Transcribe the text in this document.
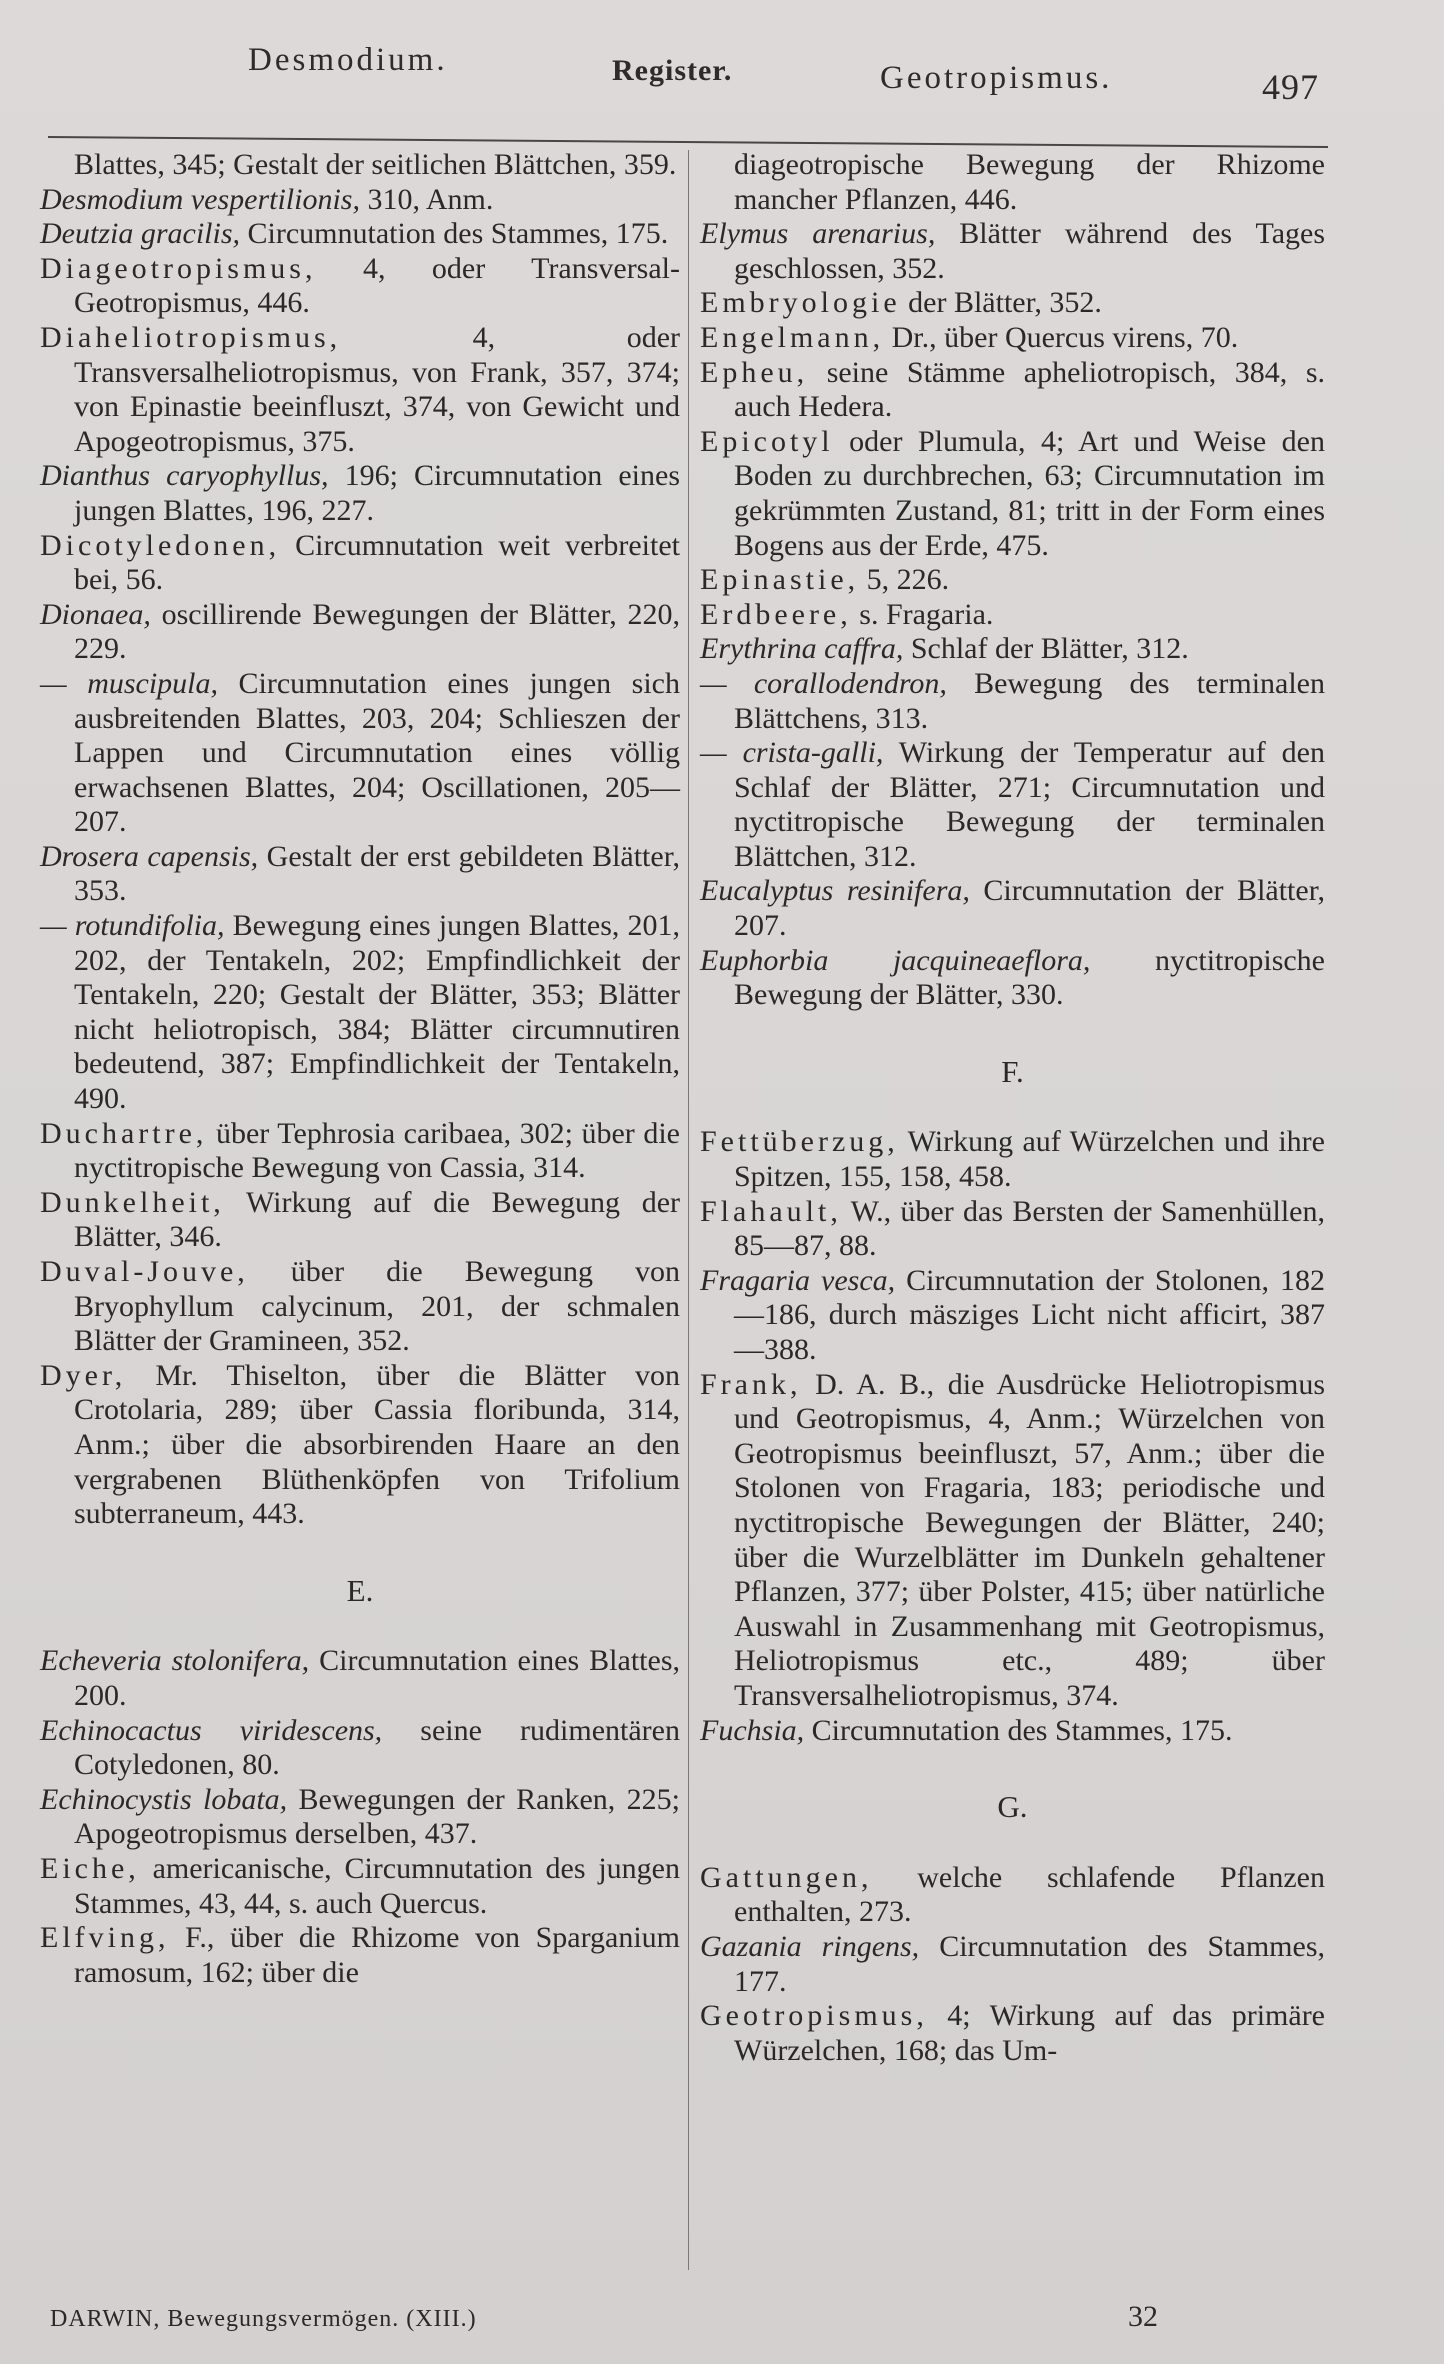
Desmodium.	Register.	Geotropismus.	497

Blattes, 345; Gestalt der seitlichen Blättchen, 359.

Desmodium vespertilionis, 310, Anm.

Deutzia gracilis, Circumnutation des Stammes, 175.

Diageotropismus, 4, oder Transversal-Geotropismus, 446.

Diaheliotropismus, 4, oder Transversalheliotropismus, von Frank, 357, 374; von Epinastie beeinfluszt, 374, von Gewicht und Apogeotropismus, 375.

Dianthus caryophyllus, 196; Circumnutation eines jungen Blattes, 196, 227.

Dicotyledonen, Circumnutation weit verbreitet bei, 56.

Dionaea, oscillirende Bewegungen der Blätter, 220, 229.

— muscipula, Circumnutation eines jungen sich ausbreitenden Blattes, 203, 204; Schlieszen der Lappen und Circumnutation eines völlig erwachsenen Blattes, 204; Oscillationen, 205—207.

Drosera capensis, Gestalt der erst gebildeten Blätter, 353.

— rotundifolia, Bewegung eines jungen Blattes, 201, 202, der Tentakeln, 202; Empfindlichkeit der Tentakeln, 220; Gestalt der Blätter, 353; Blätter nicht heliotropisch, 384; Blätter circumnutiren bedeutend, 387; Empfindlichkeit der Tentakeln, 490.

Duchartre, über Tephrosia caribaea, 302; über die nyctitropische Bewegung von Cassia, 314.

Dunkelheit, Wirkung auf die Bewegung der Blätter, 346.

Duval-Jouve, über die Bewegung von Bryophyllum calycinum, 201, der schmalen Blätter der Gramineen, 352.

Dyer, Mr. Thiselton, über die Blätter von Crotolaria, 289; über Cassia floribunda, 314, Anm.; über die absorbirenden Haare an den vergrabenen Blüthenköpfen von Trifolium subterraneum, 443.

E.

Echeveria stolonifera, Circumnutation eines Blattes, 200.

Echinocactus viridescens, seine rudimentären Cotyledonen, 80.

Echinocystis lobata, Bewegungen der Ranken, 225; Apogeotropismus derselben, 437.

Eiche, americanische, Circumnutation des jungen Stammes, 43, 44, s. auch Quercus.

Elfving, F., über die Rhizome von Sparganium ramosum, 162; über die

diageotropische Bewegung der Rhizome mancher Pflanzen, 446.

Elymus arenarius, Blätter während des Tages geschlossen, 352.

Embryologie der Blätter, 352.

Engelmann, Dr., über Quercus virens, 70.

Epheu, seine Stämme apheliotropisch, 384, s. auch Hedera.

Epicotyl oder Plumula, 4; Art und Weise den Boden zu durchbrechen, 63; Circumnutation im gekrümmten Zustand, 81; tritt in der Form eines Bogens aus der Erde, 475.

Epinastie, 5, 226.

Erdbeere, s. Fragaria.

Erythrina caffra, Schlaf der Blätter, 312.

— corallodendron, Bewegung des terminalen Blättchens, 313.

— crista-galli, Wirkung der Temperatur auf den Schlaf der Blätter, 271; Circumnutation und nyctitropische Bewegung der terminalen Blättchen, 312.

Eucalyptus resinifera, Circumnutation der Blätter, 207.

Euphorbia jacquineaeflora, nyctitropische Bewegung der Blätter, 330.

F.

Fettüberzug, Wirkung auf Würzelchen und ihre Spitzen, 155, 158, 458.

Flahault, W., über das Bersten der Samenhüllen, 85—87, 88.

Fragaria vesca, Circumnutation der Stolonen, 182—186, durch mäsziges Licht nicht afficirt, 387—388.

Frank, D. A. B., die Ausdrücke Heliotropismus und Geotropismus, 4, Anm.; Würzelchen von Geotropismus beeinfluszt, 57, Anm.; über die Stolonen von Fragaria, 183; periodische und nyctitropische Bewegungen der Blätter, 240; über die Wurzelblätter im Dunkeln gehaltener Pflanzen, 377; über Polster, 415; über natürliche Auswahl in Zusammenhang mit Geotropismus, Heliotropismus etc., 489; über Transversalheliotropismus, 374.

Fuchsia, Circumnutation des Stammes, 175.

G.

Gattungen, welche schlafende Pflanzen enthalten, 273.

Gazania ringens, Circumnutation des Stammes, 177.

Geotropismus, 4; Wirkung auf das primäre Würzelchen, 168; das Um-

DARWIN, Bewegungsvermögen. (XIII.)	32
